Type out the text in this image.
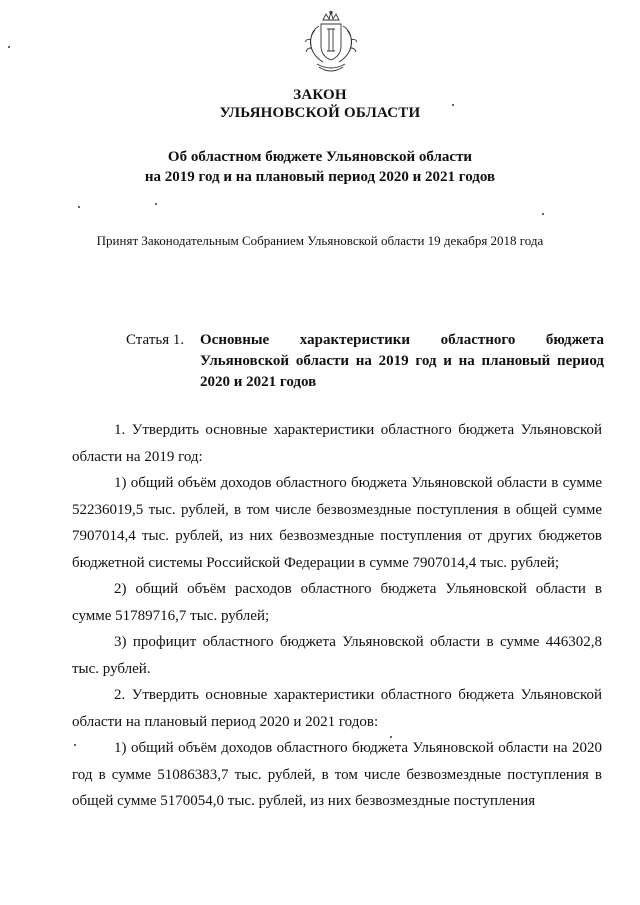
ЗАКОН
УЛЬЯНОВСКОЙ ОБЛАСТИ
Об областном бюджете Ульяновской области
на 2019 год и на плановый период 2020 и 2021 годов
Принят Законодательным Собранием Ульяновской области 19 декабря 2018 года
Статья 1. Основные характеристики областного бюджета Ульяновской области на 2019 год и на плановый период 2020 и 2021 годов

1. Утвердить основные характеристики областного бюджета Ульяновской области на 2019 год:

1) общий объём доходов областного бюджета Ульяновской области в сумме 52236019,5 тыс. рублей, в том числе безвозмездные поступления в общей сумме 7907014,4 тыс. рублей, из них безвозмездные поступления от других бюджетов бюджетной системы Российской Федерации в сумме 7907014,4 тыс. рублей;

2) общий объём расходов областного бюджета Ульяновской области в сумме 51789716,7 тыс. рублей;

3) профицит областного бюджета Ульяновской области в сумме 446302,8 тыс. рублей.

2. Утвердить основные характеристики областного бюджета Ульяновской области на плановый период 2020 и 2021 годов:

1) общий объём доходов областного бюджета Ульяновской области на 2020 год в сумме 51086383,7 тыс. рублей, в том числе безвозмездные поступления в общей сумме 5170054,0 тыс. рублей, из них безвозмездные поступления
